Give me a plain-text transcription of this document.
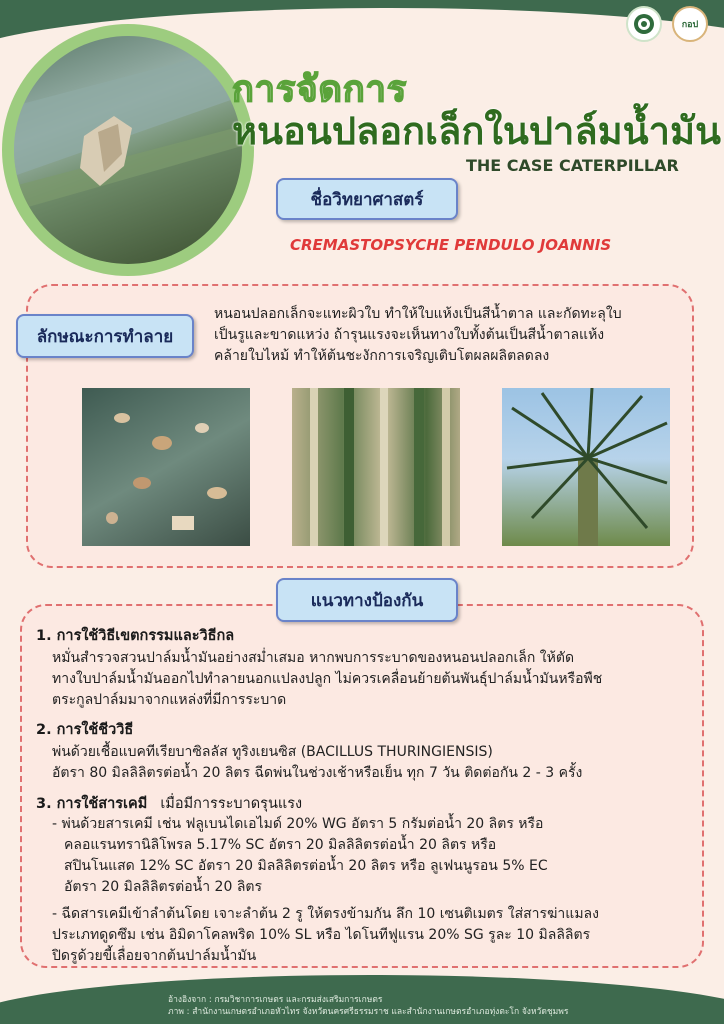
กอป
การจัดการ
หนอนปลอกเล็กในปาล์มน้ำมัน
THE CASE CATERPILLAR
ชื่อวิทยาศาสตร์
CREMASTOPSYCHE PENDULO JOANNIS
ลักษณะการทำลาย
หนอนปลอกเล็กจะแทะผิวใบ ทำให้ใบแห้งเป็นสีน้ำตาล และกัดทะลุใบ
เป็นรูและขาดแหว่ง ถ้ารุนแรงจะเห็นทางใบทั้งต้นเป็นสีน้ำตาลแห้ง
คล้ายใบไหม้ ทำให้ต้นชะงักการเจริญเติบโตผลผลิตลดลง
แนวทางป้องกัน
1. การใช้วิธีเขตกรรมและวิธีกล
หมั่นสำรวจสวนปาล์มน้ำมันอย่างสม่ำเสมอ หากพบการระบาดของหนอนปลอกเล็ก ให้ตัด
ทางใบปาล์มน้ำมันออกไปทำลายนอกแปลงปลูก ไม่ควรเคลื่อนย้ายต้นพันธุ์ปาล์มน้ำมันหรือพืช
ตระกูลปาล์มมาจากแหล่งที่มีการระบาด
2. การใช้ชีววิธี
พ่นด้วยเชื้อแบคทีเรียบาซิลลัส ทูริงเยนซิส (BACILLUS THURINGIENSIS)
อัตรา 80 มิลลิลิตรต่อน้ำ 20 ลิตร ฉีดพ่นในช่วงเช้าหรือเย็น ทุก 7 วัน ติดต่อกัน 2 - 3 ครั้ง
3. การใช้สารเคมี เมื่อมีการระบาดรุนแรง
- พ่นด้วยสารเคมี เช่น ฟลูเบนไดเอไมด์ 20% WG อัตรา 5 กรัมต่อน้ำ 20 ลิตร หรือ
คลอแรนทรานิลิโพรล 5.17% SC อัตรา 20 มิลลิลิตรต่อน้ำ 20 ลิตร หรือ
สปินโนแสด 12% SC อัตรา 20 มิลลิลิตรต่อน้ำ 20 ลิตร หรือ ลูเฟนนูรอน 5% EC
อัตรา 20 มิลลิลิตรต่อน้ำ 20 ลิตร
- ฉีดสารเคมีเข้าลำต้นโดย เจาะลำต้น 2 รู ให้ตรงข้ามกัน ลึก 10 เซนติเมตร ใส่สารฆ่าแมลง
ประเภทดูดซึม เช่น อิมิดาโคลพริด 10% SL หรือ ไดโนทีฟูแรน 20% SG รูละ 10 มิลลิลิตร
ปิดรูด้วยขี้เลื่อยจากต้นปาล์มน้ำมัน
อ้างอิงจาก : กรมวิชาการเกษตร และกรมส่งเสริมการเกษตร
ภาพ : สำนักงานเกษตรอำเภอหัวไทร จังหวัดนครศรีธรรมราช และสำนักงานเกษตรอำเภอทุ่งตะโก จังหวัดชุมพร
